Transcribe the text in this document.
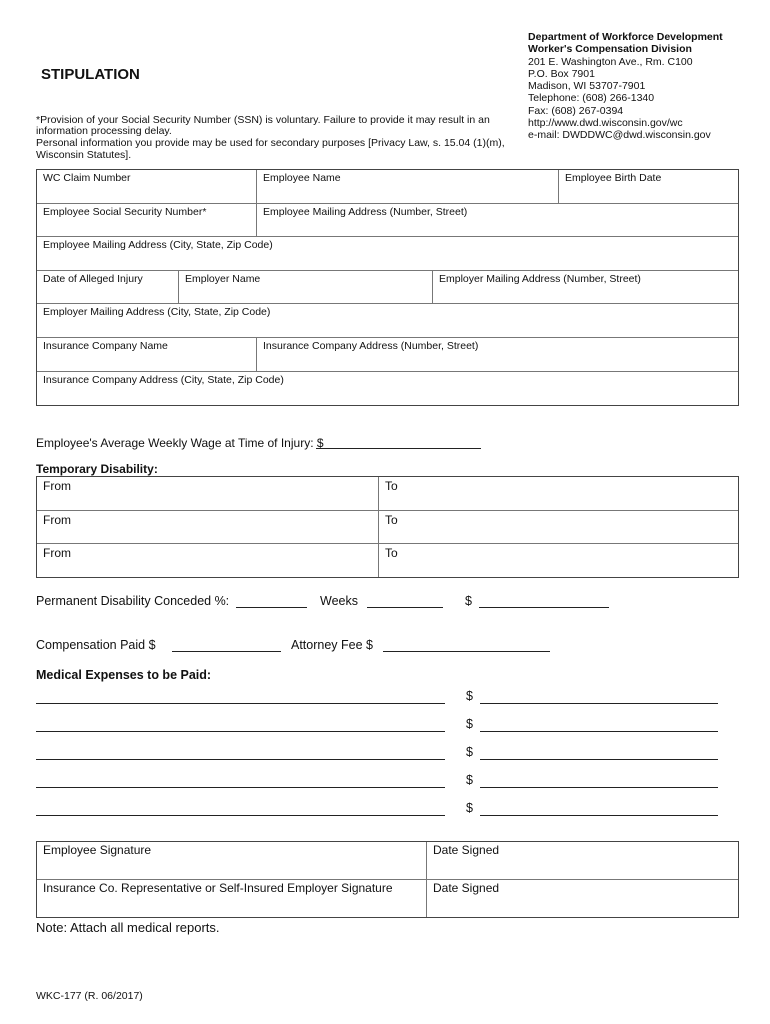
STIPULATION
Department of Workforce Development
Worker's Compensation Division
201 E. Washington Ave., Rm. C100
P.O. Box 7901
Madison, WI 53707-7901
Telephone: (608) 266-1340
Fax: (608) 267-0394
http://www.dwd.wisconsin.gov/wc
e-mail: DWDDWC@dwd.wisconsin.gov
*Provision of your Social Security Number (SSN) is voluntary. Failure to provide it may result in an
information processing delay.
Personal information you provide may be used for secondary purposes [Privacy Law, s. 15.04 (1)(m),
Wisconsin Statutes].
WC Claim Number	Employee Name	Employee Birth Date
Employee Social Security Number*	Employee Mailing Address (Number, Street)
Employee Mailing Address (City, State, Zip Code)
Date of Alleged Injury	Employer Name	Employer Mailing Address (Number, Street)
Employer Mailing Address (City, State, Zip Code)
Insurance Company Name	Insurance Company Address (Number, Street)
Insurance Company Address (City, State, Zip Code)
Employee's Average Weekly Wage at Time of Injury: $
Temporary Disability:
From	To
From	To
From	To
Permanent Disability Conceded %:	Weeks	$
Compensation Paid $	Attorney Fee $
Medical Expenses to be Paid:
$
$
$
$
$
Employee Signature	Date Signed
Insurance Co. Representative or Self-Insured Employer Signature	Date Signed
Note: Attach all medical reports.
WKC-177 (R. 06/2017)
